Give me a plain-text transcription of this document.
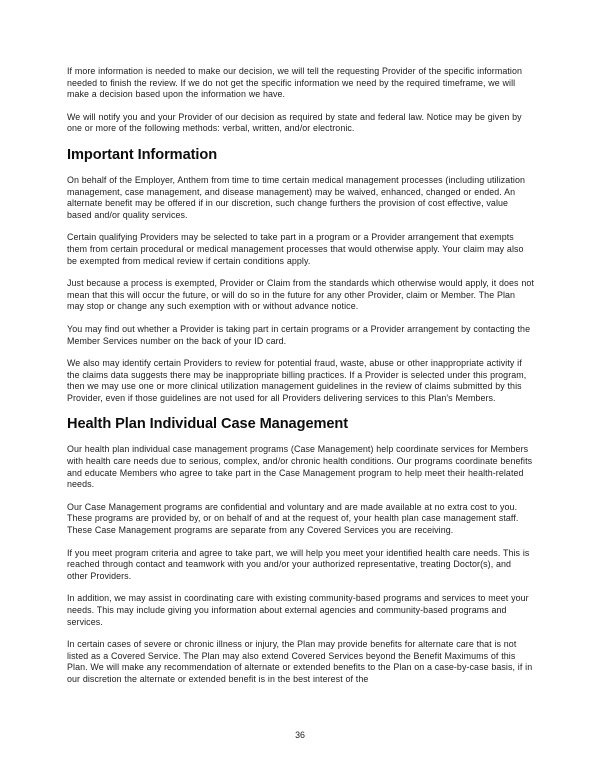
If more information is needed to make our decision, we will tell the requesting Provider of the specific information needed to finish the review. If we do not get the specific information we need by the required timeframe, we will make a decision based upon the information we have.

We will notify you and your Provider of our decision as required by state and federal law. Notice may be given by one or more of the following methods: verbal, written, and/or electronic.

Important Information

On behalf of the Employer, Anthem from time to time certain medical management processes (including utilization management, case management, and disease management) may be waived, enhanced, changed or ended. An alternate benefit may be offered if in our discretion, such change furthers the provision of cost effective, value based and/or quality services.

Certain qualifying Providers may be selected to take part in a program or a Provider arrangement that exempts them from certain procedural or medical management processes that would otherwise apply. Your claim may also be exempted from medical review if certain conditions apply.

Just because a process is exempted, Provider or Claim from the standards which otherwise would apply, it does not mean that this will occur the future, or will do so in the future for any other Provider, claim or Member. The Plan may stop or change any such exemption with or without advance notice.

You may find out whether a Provider is taking part in certain programs or a Provider arrangement by contacting the Member Services number on the back of your ID card.

We also may identify certain Providers to review for potential fraud, waste, abuse or other inappropriate activity if the claims data suggests there may be inappropriate billing practices. If a Provider is selected under this program, then we may use one or more clinical utilization management guidelines in the review of claims submitted by this Provider, even if those guidelines are not used for all Providers delivering services to this Plan's Members.

Health Plan Individual Case Management

Our health plan individual case management programs (Case Management) help coordinate services for Members with health care needs due to serious, complex, and/or chronic health conditions. Our programs coordinate benefits and educate Members who agree to take part in the Case Management program to help meet their health-related needs.

Our Case Management programs are confidential and voluntary and are made available at no extra cost to you. These programs are provided by, or on behalf of and at the request of, your health plan case management staff. These Case Management programs are separate from any Covered Services you are receiving.

If you meet program criteria and agree to take part, we will help you meet your identified health care needs. This is reached through contact and teamwork with you and/or your authorized representative, treating Doctor(s), and other Providers.

In addition, we may assist in coordinating care with existing community-based programs and services to meet your needs. This may include giving you information about external agencies and community-based programs and services.

In certain cases of severe or chronic illness or injury, the Plan may provide benefits for alternate care that is not listed as a Covered Service. The Plan may also extend Covered Services beyond the Benefit Maximums of this Plan. We will make any recommendation of alternate or extended benefits to the Plan on a case-by-case basis, if in our discretion the alternate or extended benefit is in the best interest of the

36
